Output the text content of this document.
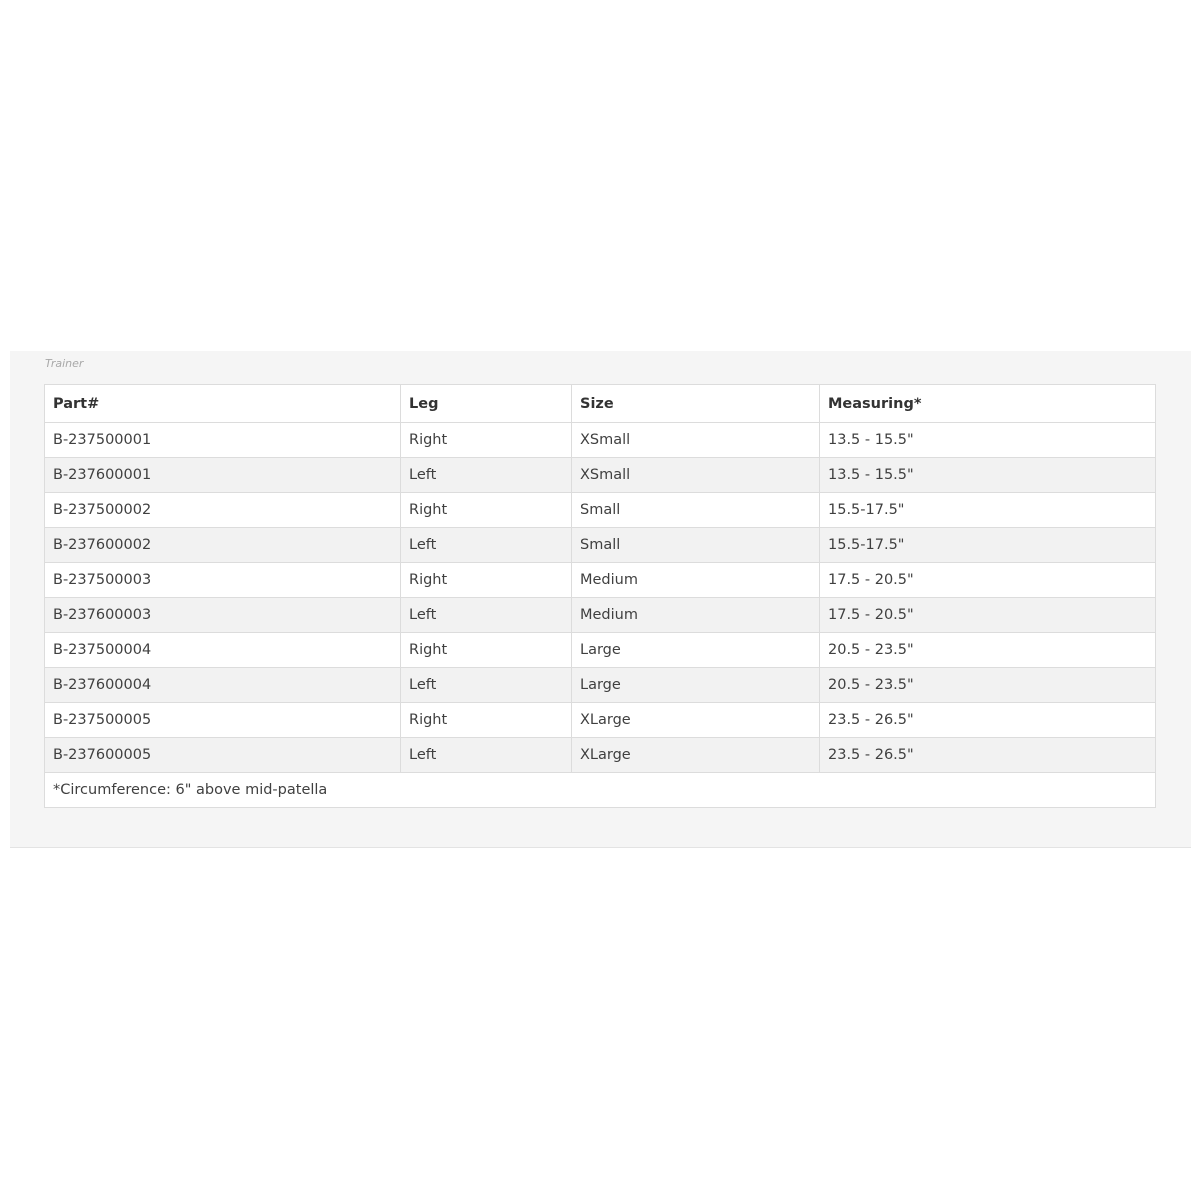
Trainer
Part#	Leg	Size	Measuring*
B-237500001	Right	XSmall	13.5 - 15.5"
B-237600001	Left	XSmall	13.5 - 15.5"
B-237500002	Right	Small	15.5-17.5"
B-237600002	Left	Small	15.5-17.5"
B-237500003	Right	Medium	17.5 - 20.5"
B-237600003	Left	Medium	17.5 - 20.5"
B-237500004	Right	Large	20.5 - 23.5"
B-237600004	Left	Large	20.5 - 23.5"
B-237500005	Right	XLarge	23.5 - 26.5"
B-237600005	Left	XLarge	23.5 - 26.5"
*Circumference: 6" above mid-patella			
